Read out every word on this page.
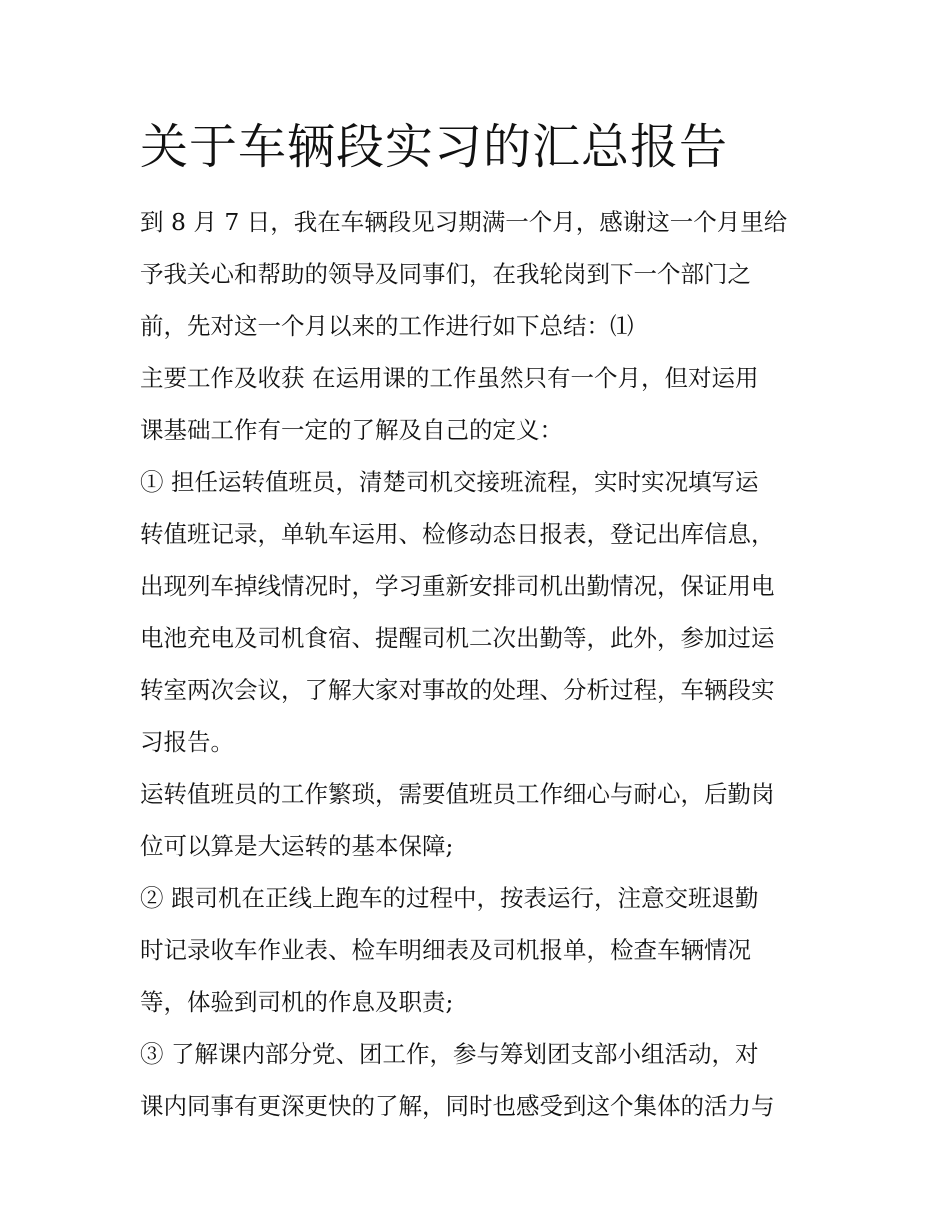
关于车辆段实习的汇总报告
到 8 月 7 日，我在车辆段见习期满一个月，感谢这一个月里给
予我关心和帮助的领导及同事们，在我轮岗到下一个部门之
前，先对这一个月以来的工作进行如下总结：⑴
主要工作及收获 在运用课的工作虽然只有一个月，但对运用
课基础工作有一定的了解及自己的定义：
① 担任运转值班员，清楚司机交接班流程，实时实况填写运
转值班记录，单轨车运用、检修动态日报表，登记出库信息，
出现列车掉线情况时，学习重新安排司机出勤情况，保证用电
电池充电及司机食宿、提醒司机二次出勤等，此外，参加过运
转室两次会议，了解大家对事故的处理、分析过程，车辆段实
习报告。
运转值班员的工作繁琐，需要值班员工作细心与耐心，后勤岗
位可以算是大运转的基本保障;
② 跟司机在正线上跑车的过程中，按表运行，注意交班退勤
时记录收车作业表、检车明细表及司机报单，检查车辆情况
等，体验到司机的作息及职责;
③ 了解课内部分党、团工作，参与筹划团支部小组活动，对
课内同事有更深更快的了解，同时也感受到这个集体的活力与
